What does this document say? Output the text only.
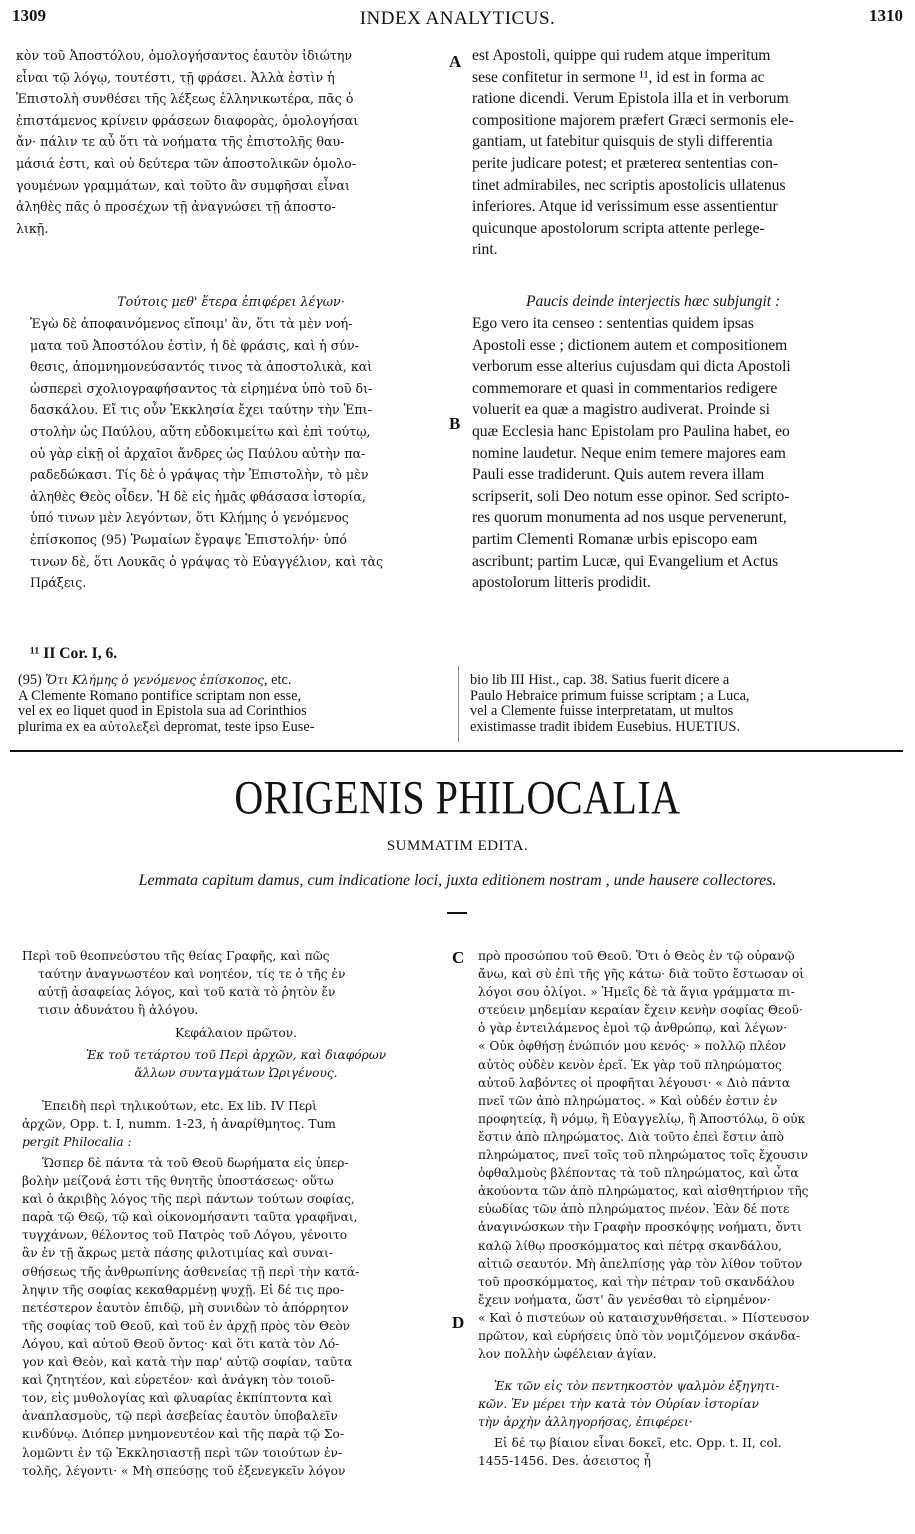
1309	INDEX ANALYTICUS.	1310
A
B
C
D
κὸν τοῦ Ἀποστόλου, ὁμολογήσαντος ἑαυτὸν ἰδιώτην
εἶναι τῷ λόγῳ, τουτέστι, τῇ φράσει. Ἀλλὰ ἐστὶν ἡ
Ἐπιστολὴ συνθέσει τῆς λέξεως ἑλληνικωτέρα, πᾶς ὁ
ἐπιστάμενος κρίνειν φράσεων διαφορὰς, ὁμολογήσαι
ἄν· πάλιν τε αὖ ὅτι τὰ νοήματα τῆς ἐπιστολῆς θαυ-
μάσιά ἐστι, καὶ οὐ δεύτερα τῶν ἀποστολικῶν ὁμολο-
γουμένων γραμμάτων, καὶ τοῦτο ἂν συμφῆσαι εἶναι
ἀληθὲς πᾶς ὁ προσέχων τῇ ἀναγνώσει τῇ ἀποστο-
λικῇ.
Τούτοις μεθ' ἕτερα ἐπιφέρει λέγων·
Ἐγὼ δὲ ἀποφαινόμενος εἴποιμ' ἂν, ὅτι τὰ μὲν νοή-
ματα τοῦ Ἀποστόλου ἐστὶν, ἡ δὲ φράσις, καὶ ἡ σύν-
θεσις, ἀπομνημονεύσαντός τινος τὰ ἀποστολικὰ, καὶ
ὡσπερεὶ σχολιογραφήσαντος τὰ εἰρημένα ὑπὸ τοῦ δι-
δασκάλου. Εἴ τις οὖν Ἐκκλησία ἔχει ταύτην τὴν Ἐπι-
στολὴν ὡς Παύλου, αὕτη εὐδοκιμείτω καὶ ἐπὶ τούτῳ,
οὐ γὰρ εἰκῇ οἱ ἀρχαῖοι ἄνδρες ὡς Παύλου αὐτὴν πα-
ραδεδώκασι. Τίς δὲ ὁ γράψας τὴν Ἐπιστολὴν, τὸ μὲν
ἀληθὲς Θεὸς οἶδεν. Ἡ δὲ εἰς ἡμᾶς φθάσασα ἱστορία,
ὑπό τινων μὲν λεγόντων, ὅτι Κλήμης ὁ γενόμενος
ἐπίσκοπος (95) Ῥωμαίων ἔγραψε Ἐπιστολήν· ὑπό
τινων δὲ, ὅτι Λουκᾶς ὁ γράψας τὸ Εὐαγγέλιον, καὶ τὰς
Πράξεις.
¹¹ II Cor. I, 6.
est Apostoli, quippe qui rudem atque imperitum
sese confitetur in sermone ¹¹, id est in forma ac
ratione dicendi. Verum Epistola illa et in verborum
compositione majorem præfert Græci sermonis ele-
gantiam, ut fatebitur quisquis de styli differentia
perite judicare potest; et prætereα sententias con-
tinet admirabiles, nec scriptis apostolicis ullatenus
inferiores. Atque id verissimum esse assentientur
quicunque apostolorum scripta attente perlege-
rint.
Paucis deinde interjectis hæc subjungit :
Ego vero ita censeo : sententias quidem ipsas
Apostoli esse ; dictionem autem et compositionem
verborum esse alterius cujusdam qui dicta Apostoli
commemorare et quasi in commentarios redigere
voluerit ea quæ a magistro audiverat. Proinde si
quæ Ecclesia hanc Epistolam pro Paulina habet, eo
nomine laudetur. Neque enim temere majores eam
Pauli esse tradiderunt. Quis autem revera illam
scripserit, soli Deo notum esse opinor. Sed scripto-
res quorum monumenta ad nos usque pervenerunt,
partim Clementi Romanæ urbis episcopo eam
ascribunt; partim Lucæ, qui Evangelium et Actus
apostolorum litteris prodidit.
(95) Ὅτι Κλήμης ὁ γενόμενος ἐπίσκοπος, etc.
A Clemente Romano pontifice scriptam non esse,
vel ex eo liquet quod in Epistola sua ad Corinthios
plurima ex ea αὐτολεξεὶ depromat, teste ipso Euse-
bio lib III Hist., cap. 38. Satius fuerit dicere a
Paulo Hebraice primum fuisse scriptam ; a Luca,
vel a Clemente fuisse interpretatam, ut multos
existimasse tradit ibidem Eusebius. HUETIUS.
ORIGENIS PHILOCALIA
SUMMATIM EDITA.
Lemmata capitum damus, cum indicatione loci, juxta editionem nostram , unde hausere collectores.
Περὶ τοῦ θεοπνεύστου τῆς θείας Γραφῆς, καὶ πῶς
ταύτην ἀναγνωστέον καὶ νοητέον, τίς τε ὁ τῆς ἐν
αὐτῇ ἀσαφείας λόγος, καὶ τοῦ κατὰ τὸ ῥητὸν ἔν
τισιν ἀδυνάτου ἢ ἀλόγου.
Κεφάλαιον πρῶτον.
Ἐκ τοῦ τετάρτου τοῦ Περὶ ἀρχῶν, καὶ διαφόρων
ἄλλων συνταγμάτων Ὠριγένους.
Ἐπειδὴ περὶ τηλικούτων, etc. Ex lib. IV Περὶ
ἀρχῶν, Opp. t. I, numm. 1-23, ἡ ἀναρίθμητος. Tum
pergit Philocalia :
Ὥσπερ δὲ πάντα τὰ τοῦ Θεοῦ δωρήματα εἰς ὑπερ-
βολὴν μείζονά ἐστι τῆς θνητῆς ὑποστάσεως· οὕτω
καὶ ὁ ἀκριβὴς λόγος τῆς περὶ πάντων τούτων σοφίας,
παρὰ τῷ Θεῷ, τῷ καὶ οἰκονομήσαντι ταῦτα γραφῆναι,
τυγχάνων, θέλοντος τοῦ Πατρὸς τοῦ Λόγου, γένοιτο
ἂν ἐν τῇ ἄκρως μετὰ πάσης φιλοτιμίας καὶ συναι-
σθήσεως τῆς ἀνθρωπίνης ἀσθενείας τῇ περὶ τὴν κατά-
ληψιν τῆς σοφίας κεκαθαρμένῃ ψυχῇ. Εἰ δέ τις προ-
πετέστερον ἑαυτὸν ἐπιδῷ, μὴ συνιδὼν τὸ ἀπόρρητον
τῆς σοφίας τοῦ Θεοῦ, καὶ τοῦ ἐν ἀρχῇ πρὸς τὸν Θεὸν
Λόγου, καὶ αὐτοῦ Θεοῦ ὄντος· καὶ ὅτι κατὰ τὸν Λό-
γον καὶ Θεὸν, καὶ κατὰ τὴν παρ' αὐτῷ σοφίαν, ταῦτα
καὶ ζητητέον, καὶ εὑρετέον· καὶ ἀνάγκη τὸν τοιοῦ-
τον, εἰς μυθολογίας καὶ φλυαρίας ἐκπίπτοντα καὶ
ἀναπλασμοὺς, τῷ περὶ ἀσεβείας ἑαυτὸν ὑποβαλεῖν
κινδύνῳ. Διόπερ μνημονευτέον καὶ τῆς παρὰ τῷ Σο-
λομῶντι ἐν τῷ Ἐκκλησιαστῇ περὶ τῶν τοιούτων ἐν-
τολῆς, λέγοντι· « Μὴ σπεύσῃς τοῦ ἐξενεγκεῖν λόγον
πρὸ προσώπου τοῦ Θεοῦ. Ὅτι ὁ Θεὸς ἐν τῷ οὐρανῷ
ἄνω, καὶ σὺ ἐπὶ τῆς γῆς κάτω· διὰ τοῦτο ἔστωσαν οἱ
λόγοι σου ὀλίγοι. » Ἡμεῖς δὲ τὰ ἅγια γράμματα πι-
στεύειν μηδεμίαν κεραίαν ἔχειν κενὴν σοφίας Θεοῦ·
ὁ γὰρ ἐντειλάμενος ἐμοὶ τῷ ἀνθρώπῳ, καὶ λέγων·
« Οὐκ ὀφθήσῃ ἐνώπιόν μου κενός· » πολλῷ πλέον
αὐτὸς οὐδὲν κενὸν ἐρεῖ. Ἐκ γὰρ τοῦ πληρώματος
αὐτοῦ λαβόντες οἱ προφῆται λέγουσι· « Διὸ πάντα
πνεῖ τῶν ἀπὸ πληρώματος. » Καὶ οὐδέν ἐστιν ἐν
προφητείᾳ, ἢ νόμῳ, ἢ Εὐαγγελίῳ, ἢ Ἀποστόλῳ, ὃ οὐκ
ἔστιν ἀπὸ πληρώματος. Διὰ τοῦτο ἐπεὶ ἔστιν ἀπὸ
πληρώματος, πνεῖ τοῖς τοῦ πληρώματος τοῖς ἔχουσιν
ὀφθαλμοὺς βλέποντας τὰ τοῦ πληρώματος, καὶ ὦτα
ἀκούοντα τῶν ἀπὸ πληρώματος, καὶ αἰσθητήριον τῆς
εὐωδίας τῶν ἀπὸ πληρώματος πνέον. Ἐὰν δέ ποτε
ἀναγινώσκων τὴν Γραφὴν προσκόψῃς νοήματι, ὄντι
καλῷ λίθῳ προσκόμματος καὶ πέτρᾳ σκανδάλου,
αἰτιῶ σεαυτόν. Μὴ ἀπελπίσῃς γὰρ τὸν λίθον τοῦτον
τοῦ προσκόμματος, καὶ τὴν πέτραν τοῦ σκανδάλου
ἔχειν νοήματα, ὥστ' ἂν γενέσθαι τὸ εἰρημένον·
« Καὶ ὁ πιστεύων οὐ καταισχυνθήσεται. » Πίστευσον
πρῶτον, καὶ εὑρήσεις ὑπὸ τὸν νομιζόμενον σκάνδα-
λον πολλὴν ὠφέλειαν ἁγίαν.
Ἐκ τῶν εἰς τὸν πεντηκοστὸν ψαλμὸν ἐξηγητι-
κῶν. Ἐν μέρει τὴν κατὰ τὸν Οὐρίαν ἱστορίαν
τὴν ἀρχὴν ἀλληγορήσας, ἐπιφέρει·
Εἰ δέ τῳ βίαιον εἶναι δοκεῖ, etc. Opp. t. II, col.
1455-1456. Des. ἀσειστος ἦ
